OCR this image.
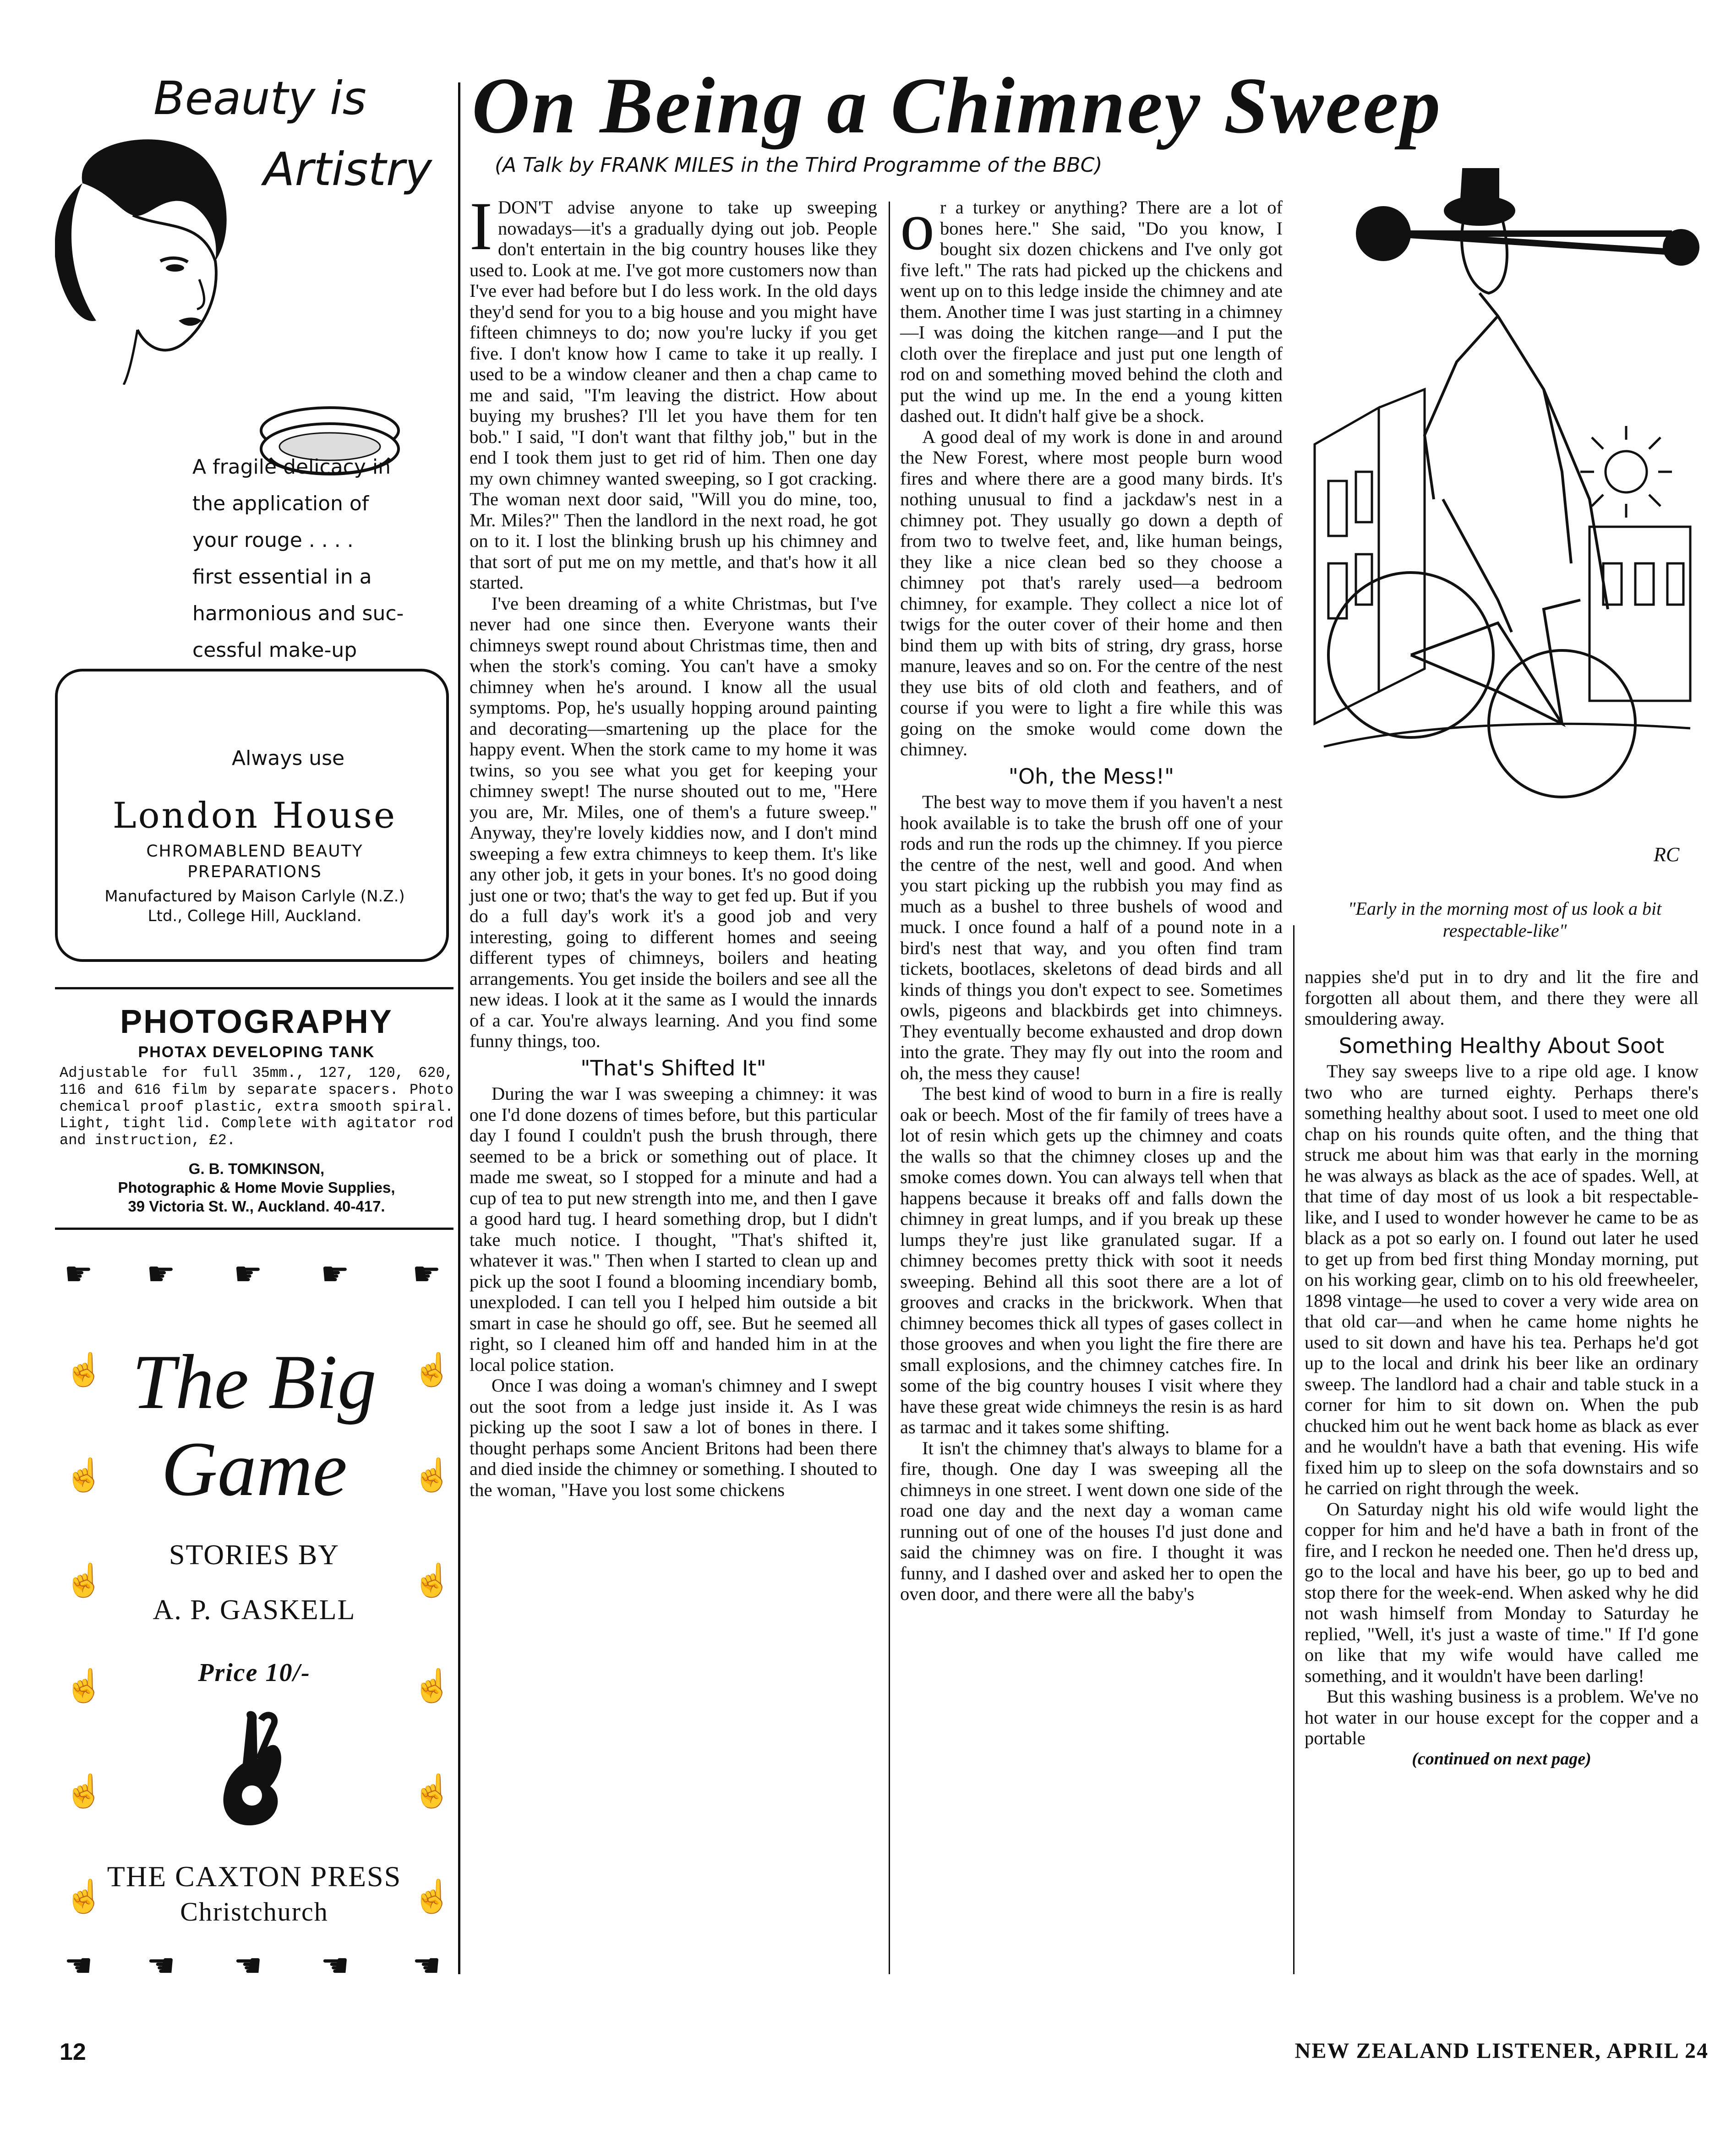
Beauty is
Artistry
A fragile delicacy in
the application of
your rouge . . . .
first essential in a
harmonious and suc-
cessful make-up
Always use
London House
CHROMABLEND BEAUTY PREPARATIONS
Manufactured by Maison Carlyle (N.Z.) Ltd., College Hill, Auckland.
PHOTOGRAPHY
PHOTAX DEVELOPING TANK
Adjustable for full 35mm., 127, 120, 620, 116 and 616 film by separate spacers. Photo chemical proof plastic, extra smooth spiral. Light, tight lid. Complete with agitator rod and instruction, £2.
G. B. TOMKINSON,
Photographic & Home Movie Supplies,
39 Victoria St. W., Auckland. 40-417.
☛ ☛ ☛ ☛ ☛
☝
☝
☝
☝
☝
☝
☝
☝
☝
☝
☝
☝
☚ ☚ ☚ ☚ ☚
The Big
Game
STORIES BY
A. P. GASKELL
Price 10/-
THE CAXTON PRESS
Christchurch
On Being a Chimney Sweep
(A Talk by FRANK MILES in the Third Programme of the BBC)

IDON'T advise anyone to take up sweeping nowadays—it's a gradually dying out job. People don't entertain in the big country houses like they used to. Look at me. I've got more customers now than I've ever had before but I do less work. In the old days they'd send for you to a big house and you might have fifteen chimneys to do; now you're lucky if you get five. I don't know how I came to take it up really. I used to be a window cleaner and then a chap came to me and said, "I'm leaving the district. How about buying my brushes? I'll let you have them for ten bob." I said, "I don't want that filthy job," but in the end I took them just to get rid of him. Then one day my own chimney wanted sweeping, so I got cracking. The woman next door said, "Will you do mine, too, Mr. Miles?" Then the landlord in the next road, he got on to it. I lost the blinking brush up his chimney and that sort of put me on my mettle, and that's how it all started.

I've been dreaming of a white Christmas, but I've never had one since then. Everyone wants their chimneys swept round about Christmas time, then and when the stork's coming. You can't have a smoky chimney when he's around. I know all the usual symptoms. Pop, he's usually hopping around painting and decorating—smartening up the place for the happy event. When the stork came to my home it was twins, so you see what you get for keeping your chimney swept! The nurse shouted out to me, "Here you are, Mr. Miles, one of them's a future sweep." Anyway, they're lovely kiddies now, and I don't mind sweeping a few extra chimneys to keep them. It's like any other job, it gets in your bones. It's no good doing just one or two; that's the way to get fed up. But if you do a full day's work it's a good job and very interesting, going to different homes and seeing different types of chimneys, boilers and heating arrangements. You get inside the boilers and see all the new ideas. I look at it the same as I would the innards of a car. You're always learning. And you find some funny things, too.

"That's Shifted It"

During the war I was sweeping a chimney: it was one I'd done dozens of times before, but this particular day I found I couldn't push the brush through, there seemed to be a brick or something out of place. It made me sweat, so I stopped for a minute and had a cup of tea to put new strength into me, and then I gave a good hard tug. I heard something drop, but I didn't take much notice. I thought, "That's shifted it, whatever it was." Then when I started to clean up and pick up the soot I found a blooming incendiary bomb, unexploded. I can tell you I helped him outside a bit smart in case he should go off, see. But he seemed all right, so I cleaned him off and handed him in at the local police station.

Once I was doing a woman's chimney and I swept out the soot from a ledge just inside it. As I was picking up the soot I saw a lot of bones in there. I thought perhaps some Ancient Britons had been there and died inside the chimney or something. I shouted to the woman, "Have you lost some chickens

or a turkey or anything? There are a lot of bones here." She said, "Do you know, I bought six dozen chickens and I've only got five left." The rats had picked up the chickens and went up on to this ledge inside the chimney and ate them. Another time I was just starting in a chimney—I was doing the kitchen range—and I put the cloth over the fireplace and just put one length of rod on and something moved behind the cloth and put the wind up me. In the end a young kitten dashed out. It didn't half give be a shock.

A good deal of my work is done in and around the New Forest, where most people burn wood fires and where there are a good many birds. It's nothing unusual to find a jackdaw's nest in a chimney pot. They usually go down a depth of from two to twelve feet, and, like human beings, they like a nice clean bed so they choose a chimney pot that's rarely used—a bedroom chimney, for example. They collect a nice lot of twigs for the outer cover of their home and then bind them up with bits of string, dry grass, horse manure, leaves and so on. For the centre of the nest they use bits of old cloth and feathers, and of course if you were to light a fire while this was going on the smoke would come down the chimney.

"Oh, the Mess!"

The best way to move them if you haven't a nest hook available is to take the brush off one of your rods and run the rods up the chimney. If you pierce the centre of the nest, well and good. And when you start picking up the rubbish you may find as much as a bushel to three bushels of wood and muck. I once found a half of a pound note in a bird's nest that way, and you often find tram tickets, bootlaces, skeletons of dead birds and all kinds of things you don't expect to see. Sometimes owls, pigeons and blackbirds get into chimneys. They eventually become exhausted and drop down into the grate. They may fly out into the room and oh, the mess they cause!

The best kind of wood to burn in a fire is really oak or beech. Most of the fir family of trees have a lot of resin which gets up the chimney and coats the walls so that the chimney closes up and the smoke comes down. You can always tell when that happens because it breaks off and falls down the chimney in great lumps, and if you break up these lumps they're just like granulated sugar. If a chimney becomes pretty thick with soot it needs sweeping. Behind all this soot there are a lot of grooves and cracks in the brickwork. When that chimney becomes thick all types of gases collect in those grooves and when you light the fire there are small explosions, and the chimney catches fire. In some of the big country houses I visit where they have these great wide chimneys the resin is as hard as tarmac and it takes some shifting.

It isn't the chimney that's always to blame for a fire, though. One day I was sweeping all the chimneys in one street. I went down one side of the road one day and the next day a woman came running out of one of the houses I'd just done and said the chimney was on fire. I thought it was funny, and I dashed over and asked her to open the oven door, and there were all the baby's

RC
"Early in the morning most of us look a bit respectable-like"

nappies she'd put in to dry and lit the fire and forgotten all about them, and there they were all smouldering away.

Something Healthy About Soot

They say sweeps live to a ripe old age. I know two who are turned eighty. Perhaps there's something healthy about soot. I used to meet one old chap on his rounds quite often, and the thing that struck me about him was that early in the morning he was always as black as the ace of spades. Well, at that time of day most of us look a bit respectable-like, and I used to wonder however he came to be as black as a pot so early on. I found out later he used to get up from bed first thing Monday morning, put on his working gear, climb on to his old freewheeler, 1898 vintage—he used to cover a very wide area on that old car—and when he came home nights he used to sit down and have his tea. Perhaps he'd got up to the local and drink his beer like an ordinary sweep. The landlord had a chair and table stuck in a corner for him to sit down on. When the pub chucked him out he went back home as black as ever and he wouldn't have a bath that evening. His wife fixed him up to sleep on the sofa downstairs and so he carried on right through the week.

On Saturday night his old wife would light the copper for him and he'd have a bath in front of the fire, and I reckon he needed one. Then he'd dress up, go to the local and have his beer, go up to bed and stop there for the week-end. When asked why he did not wash himself from Monday to Saturday he replied, "Well, it's just a waste of time." If I'd gone on like that my wife would have called me something, and it wouldn't have been darling!

But this washing business is a problem. We've no hot water in our house except for the copper and a portable

(continued on next page)
12	NEW ZEALAND LISTENER, APRIL 24
